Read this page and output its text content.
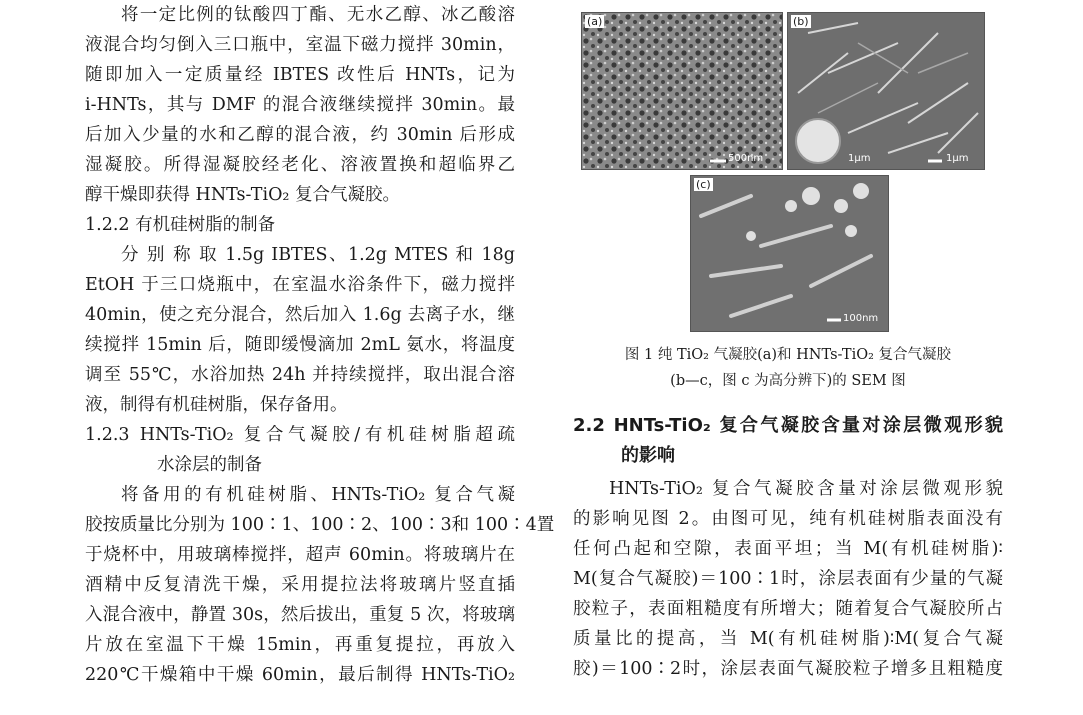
将一定比例的钛酸四丁酯、无水乙醇、冰乙酸溶
液混合均匀倒入三口瓶中，室温下磁力搅拌 30min，
随即加入一定质量经 IBTES 改性后 HNTs，记为
i-HNTs，其与 DMF 的混合液继续搅拌 30min。最
后加入少量的水和乙醇的混合液，约 30min 后形成
湿凝胶。所得湿凝胶经老化、溶液置换和超临界乙
醇干燥即获得 HNTs-TiO₂ 复合气凝胶。
1.2.2 有机硅树脂的制备
分 别 称 取 1.5g IBTES、1.2g MTES 和 18g
EtOH 于三口烧瓶中，在室温水浴条件下，磁力搅拌
40min，使之充分混合，然后加入 1.6g 去离子水，继
续搅拌 15min 后，随即缓慢滴加 2mL 氨水，将温度
调至 55℃，水浴加热 24h 并持续搅拌，取出混合溶
液，制得有机硅树脂，保存备用。
1.2.3 HNTs-TiO₂ 复合气凝胶/有机硅树脂超疏
水涂层的制备
将备用的有机硅树脂、HNTs-TiO₂ 复合气凝
胶按质量比分别为 100∶1、100∶2、100∶3和 100∶4置
于烧杯中，用玻璃棒搅拌，超声 60min。将玻璃片在
酒精中反复清洗干燥，采用提拉法将玻璃片竖直插
入混合液中，静置 30s，然后拔出，重复 5 次，将玻璃
片放在室温下干燥 15min，再重复提拉，再放入
220℃干燥箱中干燥 60min，最后制得 HNTs-TiO₂
(a)
500nm
(b)
1μm	1μm
(c)
100nm
图 1 纯 TiO₂ 气凝胶(a)和 HNTs-TiO₂ 复合气凝胶
(b—c，图 c 为高分辨下)的 SEM 图
2.2 HNTs-TiO₂ 复合气凝胶含量对涂层微观形貌
的影响
HNTs-TiO₂ 复合气凝胶含量对涂层微观形貌
的影响见图 2。由图可见，纯有机硅树脂表面没有
任何凸起和空隙，表面平坦；当 M(有机硅树脂)∶
M(复合气凝胶)＝100∶1时，涂层表面有少量的气凝
胶粒子，表面粗糙度有所增大；随着复合气凝胶所占
质量比的提高，当 M(有机硅树脂)∶M(复合气凝
胶)＝100∶2时，涂层表面气凝胶粒子增多且粗糙度
